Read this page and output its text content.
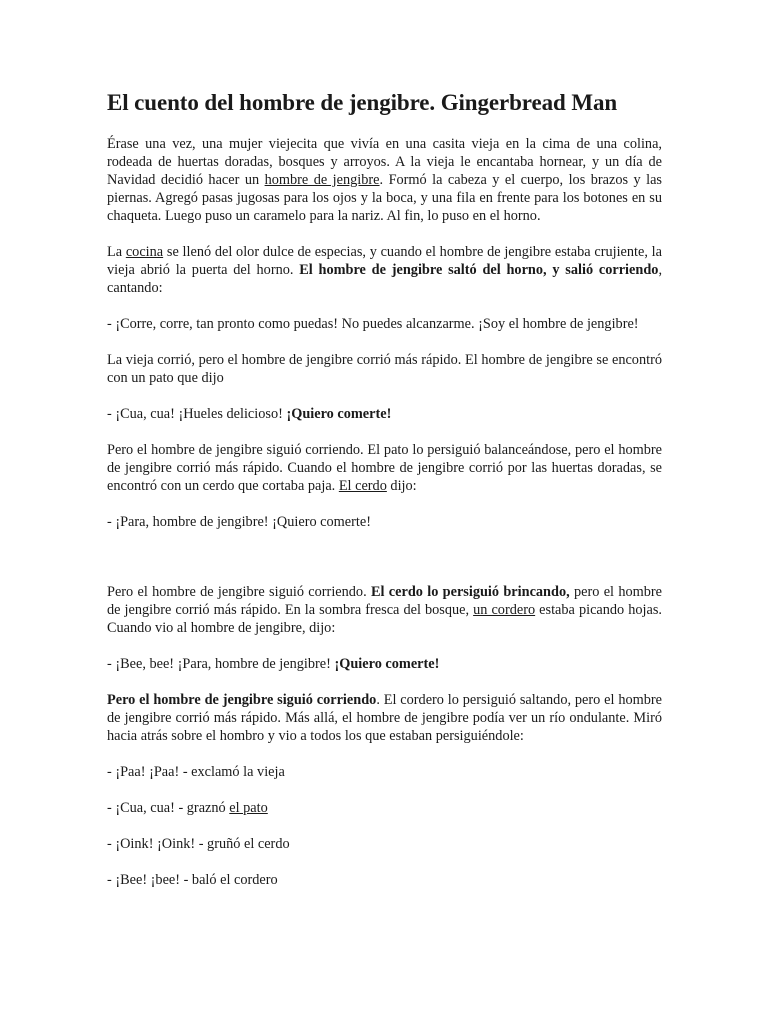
El cuento del hombre de jengibre. Gingerbread Man

Érase una vez, una mujer viejecita que vivía en una casita vieja en la cima de una colina, rodeada de huertas doradas, bosques y arroyos. A la vieja le encantaba hornear, y un día de Navidad decidió hacer un hombre de jengibre. Formó la cabeza y el cuerpo, los brazos y las piernas. Agregó pasas jugosas para los ojos y la boca, y una fila en frente para los botones en su chaqueta. Luego puso un caramelo para la nariz. Al fin, lo puso en el horno.

La cocina se llenó del olor dulce de especias, y cuando el hombre de jengibre estaba crujiente, la vieja abrió la puerta del horno. El hombre de jengibre saltó del horno, y salió corriendo, cantando:

- ¡Corre, corre, tan pronto como puedas! No puedes alcanzarme. ¡Soy el hombre de jengibre!

La vieja corrió, pero el hombre de jengibre corrió más rápido. El hombre de jengibre se encontró con un pato que dijo

- ¡Cua, cua! ¡Hueles delicioso! ¡Quiero comerte!

Pero el hombre de jengibre siguió corriendo. El pato lo persiguió balanceándose, pero el hombre de jengibre corrió más rápido. Cuando el hombre de jengibre corrió por las huertas doradas, se encontró con un cerdo que cortaba paja. El cerdo dijo:

- ¡Para, hombre de jengibre! ¡Quiero comerte!

Pero el hombre de jengibre siguió corriendo. El cerdo lo persiguió brincando, pero el hombre de jengibre corrió más rápido. En la sombra fresca del bosque, un cordero estaba picando hojas. Cuando vio al hombre de jengibre, dijo:

- ¡Bee, bee! ¡Para, hombre de jengibre! ¡Quiero comerte!

Pero el hombre de jengibre siguió corriendo. El cordero lo persiguió saltando, pero el hombre de jengibre corrió más rápido. Más allá, el hombre de jengibre podía ver un río ondulante. Miró hacia atrás sobre el hombro y vio a todos los que estaban persiguiéndole:

- ¡Paa! ¡Paa! - exclamó la vieja

- ¡Cua, cua! - graznó el pato

- ¡Oink! ¡Oink! - gruñó el cerdo

- ¡Bee! ¡bee! - baló el cordero
